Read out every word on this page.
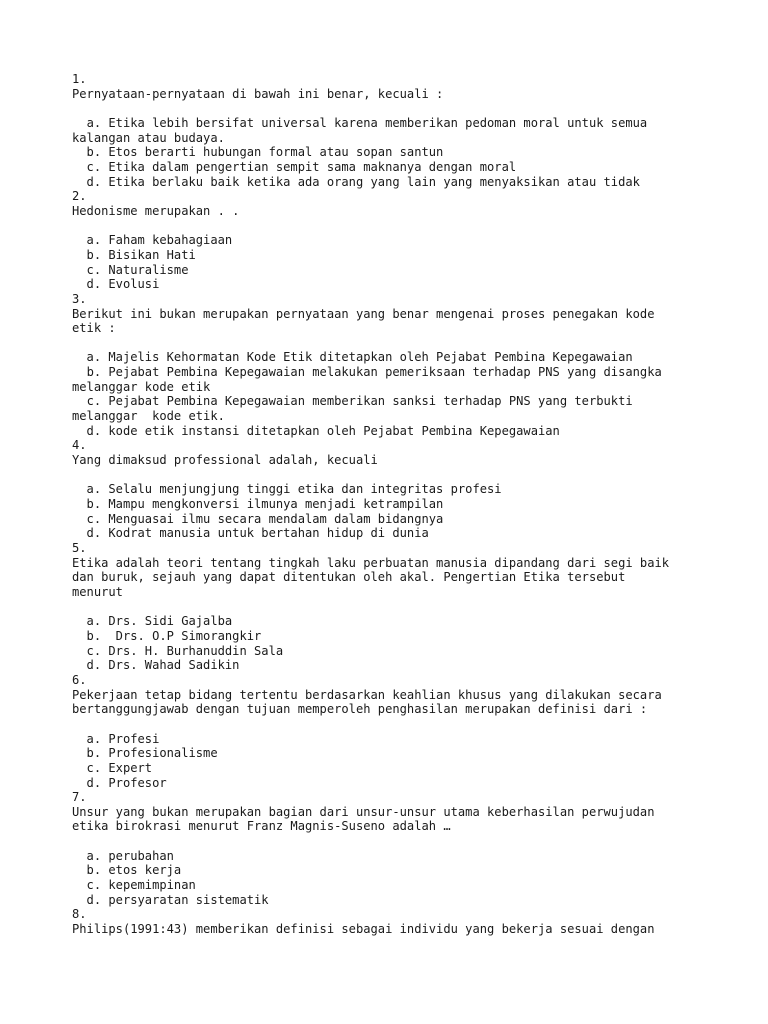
1.
Pernyataan-pernyataan di bawah ini benar, kecuali :
a. Etika lebih bersifat universal karena memberikan pedoman moral untuk semua
kalangan atau budaya.
b. Etos berarti hubungan formal atau sopan santun
c. Etika dalam pengertian sempit sama maknanya dengan moral
d. Etika berlaku baik ketika ada orang yang lain yang menyaksikan atau tidak
2.
Hedonisme merupakan . .
a. Faham kebahagiaan
b. Bisikan Hati
c. Naturalisme
d. Evolusi
3.
Berikut ini bukan merupakan pernyataan yang benar mengenai proses penegakan kode
etik :
a. Majelis Kehormatan Kode Etik ditetapkan oleh Pejabat Pembina Kepegawaian
b. Pejabat Pembina Kepegawaian melakukan pemeriksaan terhadap PNS yang disangka
melanggar kode etik
c. Pejabat Pembina Kepegawaian memberikan sanksi terhadap PNS yang terbukti
melanggar  kode etik.
d. kode etik instansi ditetapkan oleh Pejabat Pembina Kepegawaian
4.
Yang dimaksud professional adalah, kecuali
a. Selalu menjungjung tinggi etika dan integritas profesi
b. Mampu mengkonversi ilmunya menjadi ketrampilan
c. Menguasai ilmu secara mendalam dalam bidangnya
d. Kodrat manusia untuk bertahan hidup di dunia
5.
Etika adalah teori tentang tingkah laku perbuatan manusia dipandang dari segi baik
dan buruk, sejauh yang dapat ditentukan oleh akal. Pengertian Etika tersebut
menurut
a. Drs. Sidi Gajalba
b.  Drs. O.P Simorangkir
c. Drs. H. Burhanuddin Sala
d. Drs. Wahad Sadikin
6.
Pekerjaan tetap bidang tertentu berdasarkan keahlian khusus yang dilakukan secara
bertanggungjawab dengan tujuan memperoleh penghasilan merupakan definisi dari :
a. Profesi
b. Profesionalisme
c. Expert
d. Profesor
7.
Unsur yang bukan merupakan bagian dari unsur-unsur utama keberhasilan perwujudan
etika birokrasi menurut Franz Magnis-Suseno adalah …
a. perubahan
b. etos kerja
c. kepemimpinan
d. persyaratan sistematik
8.
Philips(1991:43) memberikan definisi sebagai individu yang bekerja sesuai dengan
